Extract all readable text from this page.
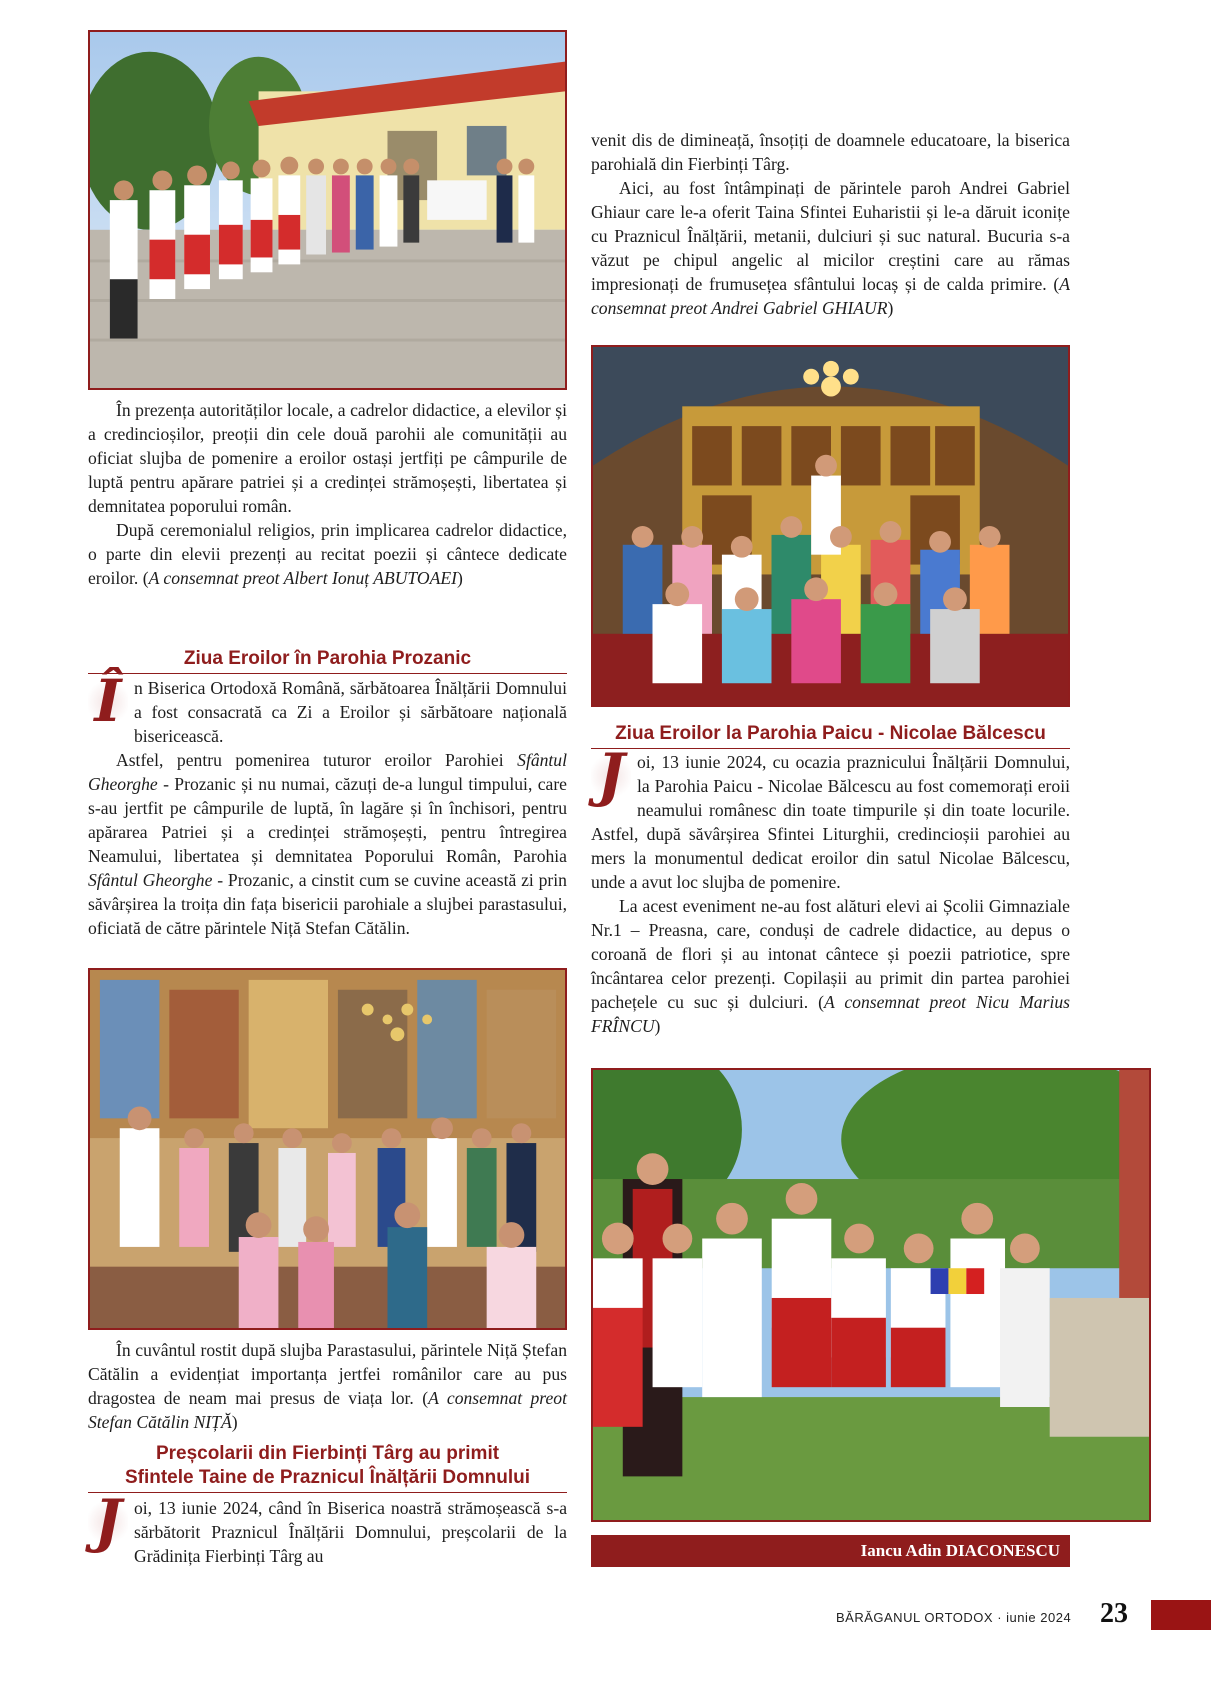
În prezența autorităților locale, a cadrelor didactice, a elevilor și a credincioșilor, preoții din cele două parohii ale comunității au oficiat slujba de pomenire a eroilor ostași jertfiți pe câmpurile de luptă pentru apărare patriei și a credinței strămoșești, libertatea și demnitatea poporului român.

După ceremonialul religios, prin implicarea cadrelor didactice, o parte din elevii prezenți au recitat poezii și cântece dedicate eroilor. (A consemnat preot Albert Ionuț ABUTOAEI)

Ziua Eroilor în Parohia Prozanic

Î n Biserica Ortodoxă Română, sărbătoarea Înălțării Domnului a fost consacrată ca Zi a Eroilor și sărbătoare națională bisericească.

Astfel, pentru pomenirea tuturor eroilor Parohiei Sfântul Gheorghe - Prozanic și nu numai, căzuți de-a lungul timpului, care s-au jertfit pe câmpurile de luptă, în lagăre și în închisori, pentru apărarea Patriei și a credinței strămoșești, pentru întregirea Neamului, libertatea și demnitatea Poporului Român, Parohia Sfântul Gheorghe - Prozanic, a cinstit cum se cuvine această zi prin săvârșirea la troița din fața bisericii parohiale a slujbei parastasului, oficiată de către părintele Niță Stefan Cătălin.

În cuvântul rostit după slujba Parastasului, părintele Niță Ștefan Cătălin a evidențiat importanța jertfei românilor care au pus dragostea de neam mai presus de viața lor. (A consemnat preot Stefan Cătălin NIȚĂ)

Preșcolarii din Fierbinți Târg au primit
Sfintele Taine de Praznicul Înălțării Domnului

J oi, 13 iunie 2024, când în Biserica noastră strămoșească s-a sărbătorit Praznicul Înălțării Domnului, preșcolarii de la Grădinița Fierbinți Târg au

venit dis de dimineață, însoțiți de doamnele educatoare, la biserica parohială din Fierbinți Târg.

Aici, au fost întâmpinați de părintele paroh Andrei Gabriel Ghiaur care le-a oferit Taina Sfintei Euharistii și le-a dăruit iconițe cu Praznicul Înălțării, metanii, dulciuri și suc natural. Bucuria s-a văzut pe chipul angelic al micilor creștini care au rămas impresionați de frumusețea sfântului locaș și de calda primire. (A consemnat preot Andrei Gabriel GHIAUR)

Ziua Eroilor la Parohia Paicu - Nicolae Bălcescu

J oi, 13 iunie 2024, cu ocazia praznicului Înălțării Domnului, la Parohia Paicu - Nicolae Bălcescu au fost comemorați eroii neamului românesc din toate timpurile și din toate locurile. Astfel, după săvârșirea Sfintei Liturghii, credincioșii parohiei au mers la monumentul dedicat eroilor din satul Nicolae Bălcescu, unde a avut loc slujba de pomenire.

La acest eveniment ne-au fost alături elevi ai Școlii Gimnaziale Nr.1 – Preasna, care, conduși de cadrele didactice, au depus o coroană de flori și au intonat cântece și poezii patriotice, spre încântarea celor prezenți. Copilașii au primit din partea parohiei pachețele cu suc și dulciuri. (A consemnat preot Nicu Marius FRÎNCU)

Iancu Adin DIACONESCU
BĂRĂGANUL ORTODOX · iunie 2024 23
